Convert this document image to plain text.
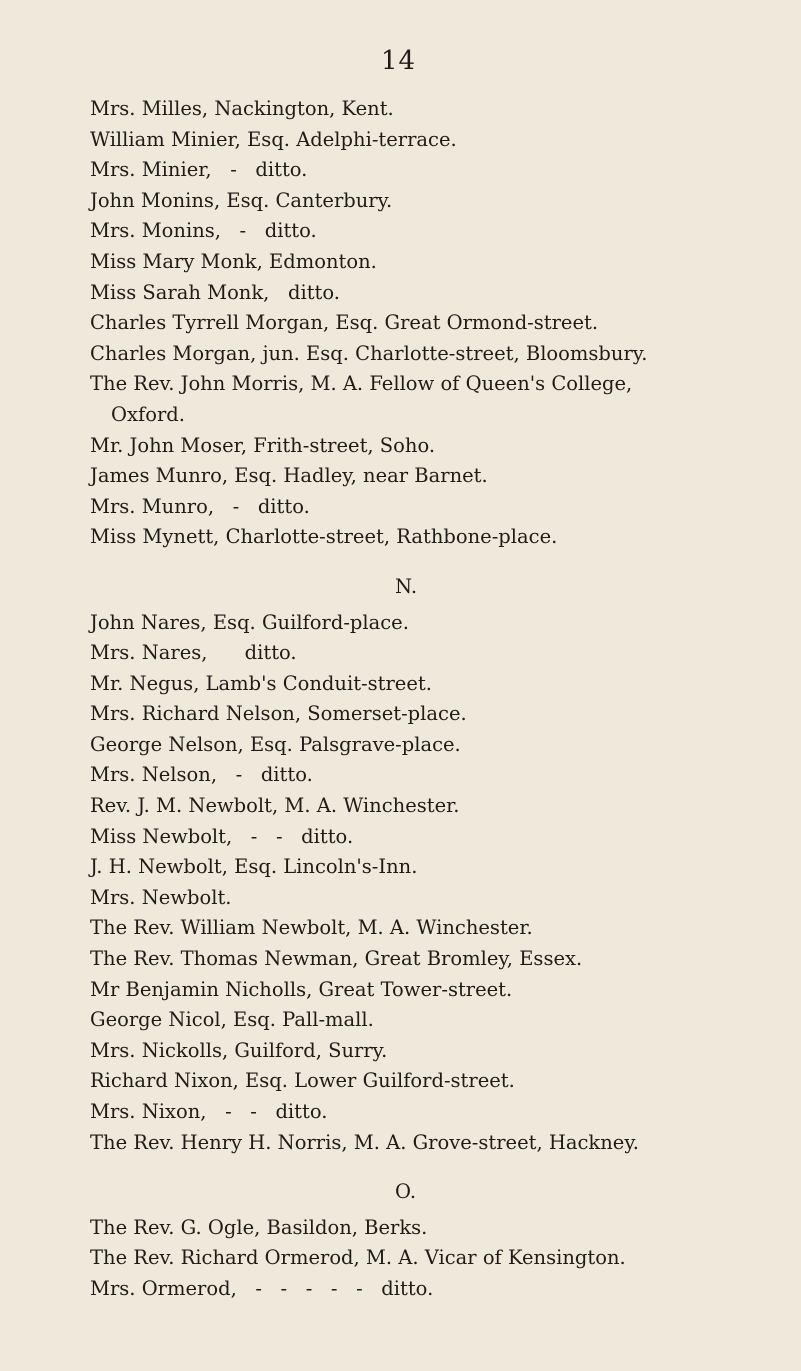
14
Mrs. Milles, Nackington, Kent.
William Minier, Esq. Adelphi-terrace.
Mrs. Minier,   -   ditto.
John Monins, Esq. Canterbury.
Mrs. Monins,   -   ditto.
Miss Mary Monk, Edmonton.
Miss Sarah Monk,   ditto.
Charles Tyrrell Morgan, Esq. Great Ormond-street.
Charles Morgan, jun. Esq. Charlotte-street, Bloomsbury.
The Rev. John Morris, M. A. Fellow of Queen's College,
Oxford.
Mr. John Moser, Frith-street, Soho.
James Munro, Esq. Hadley, near Barnet.
Mrs. Munro,   -   ditto.
Miss Mynett, Charlotte-street, Rathbone-place.
N.
John Nares, Esq. Guilford-place.
Mrs. Nares,      ditto.
Mr. Negus, Lamb's Conduit-street.
Mrs. Richard Nelson, Somerset-place.
George Nelson, Esq. Palsgrave-place.
Mrs. Nelson,   -   ditto.
Rev. J. M. Newbolt, M. A. Winchester.
Miss Newbolt,   -   -   ditto.
J. H. Newbolt, Esq. Lincoln's-Inn.
Mrs. Newbolt.
The Rev. William Newbolt, M. A. Winchester.
The Rev. Thomas Newman, Great Bromley, Essex.
Mr Benjamin Nicholls, Great Tower-street.
George Nicol, Esq. Pall-mall.
Mrs. Nickolls, Guilford, Surry.
Richard Nixon, Esq. Lower Guilford-street.
Mrs. Nixon,   -   -   ditto.
The Rev. Henry H. Norris, M. A. Grove-street, Hackney.
O.
The Rev. G. Ogle, Basildon, Berks.
The Rev. Richard Ormerod, M. A. Vicar of Kensington.
Mrs. Ormerod,   -   -   -   -   -   ditto.
